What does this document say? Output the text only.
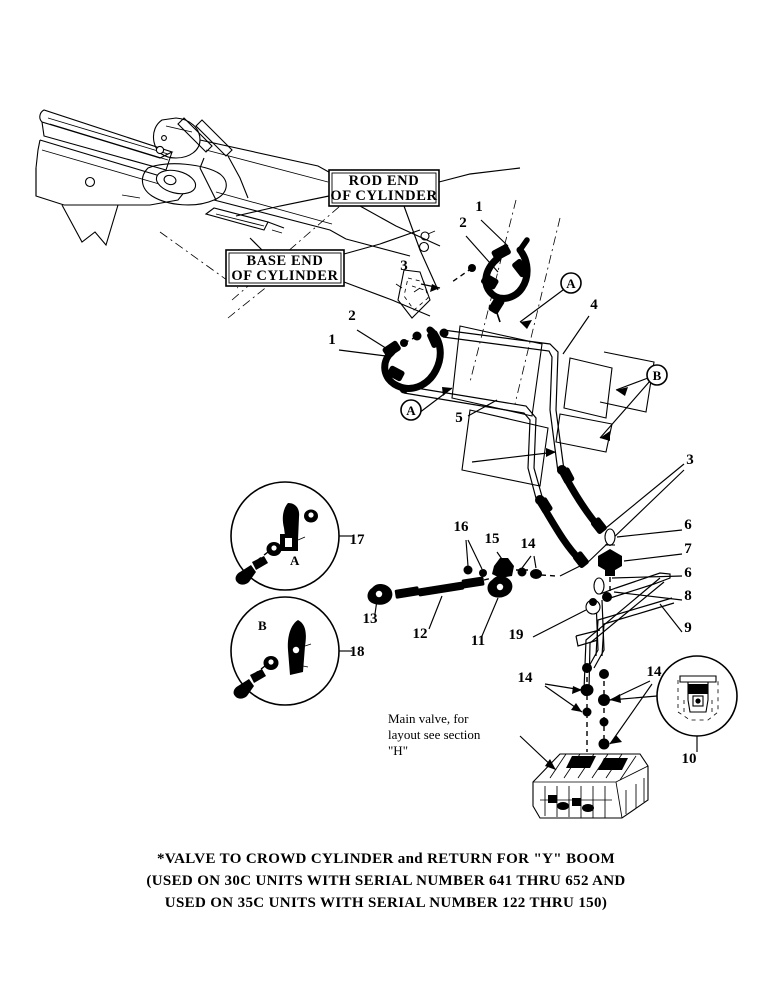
ROD END
OF CYLINDER
BASE END
OF CYLINDER
Main valve, for
layout see section
"H"
A
B
A
B
A
1
2
1
2
3
4
5
3
6
7
6
8
9
10
11
12
13
14
15
16
17
18
19
14	14
*VALVE TO CROWD CYLINDER and RETURN FOR "Y" BOOM
(USED ON 30C UNITS WITH SERIAL NUMBER 641 THRU 652 AND
USED ON 35C UNITS WITH SERIAL NUMBER 122 THRU 150)
